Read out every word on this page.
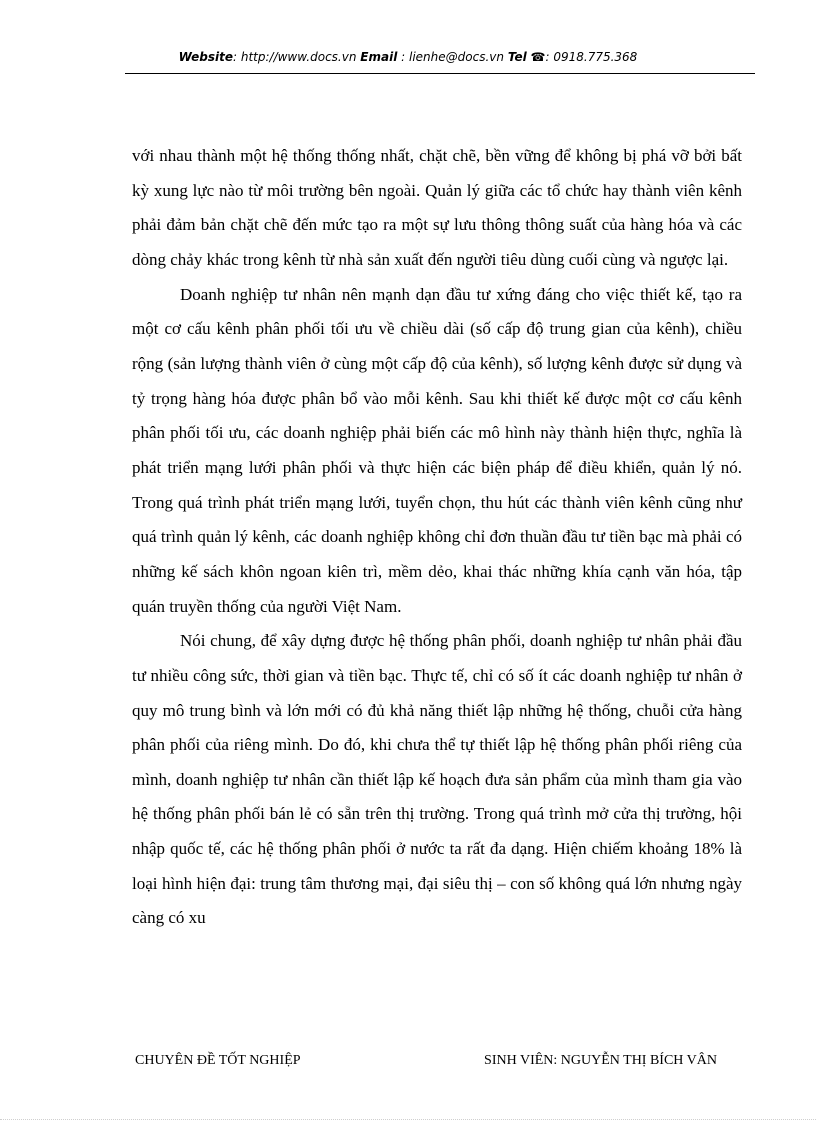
Website: http://www.docs.vn Email : lienhe@docs.vn Tel ☎: 0918.775.368

với nhau thành một hệ thống thống nhất, chặt chẽ, bền vững để không bị phá vỡ bởi bất kỳ xung lực nào từ môi trường bên ngoài. Quản lý giữa các tổ chức hay thành viên kênh phải đảm bản chặt chẽ đến mức tạo ra một sự lưu thông thông suất của hàng hóa và các dòng chảy khác trong kênh từ nhà sản xuất đến người tiêu dùng cuối cùng và ngược lại.

Doanh nghiệp tư nhân nên mạnh dạn đầu tư xứng đáng cho việc thiết kế, tạo ra một cơ cấu kênh phân phối tối ưu về chiều dài (số cấp độ trung gian của kênh), chiều rộng (sản lượng thành viên ở cùng một cấp độ của kênh), số lượng kênh được sử dụng và tỷ trọng hàng hóa được phân bổ vào mỗi kênh. Sau khi thiết kế được một cơ cấu kênh phân phối tối ưu, các doanh nghiệp phải biến các mô hình này thành hiện thực, nghĩa là phát triển mạng lưới phân phối và thực hiện các biện pháp để điều khiển, quản lý nó. Trong quá trình phát triển mạng lưới, tuyển chọn, thu hút các thành viên kênh cũng như quá trình quản lý kênh, các doanh nghiệp không chỉ đơn thuần đầu tư tiền bạc mà phải có những kế sách khôn ngoan kiên trì, mềm dẻo, khai thác những khía cạnh văn hóa, tập quán truyền thống của người Việt Nam.

Nói chung, để xây dựng được hệ thống phân phối, doanh nghiệp tư nhân phải đầu tư nhiều công sức, thời gian và tiền bạc. Thực tế, chỉ có số ít các doanh nghiệp tư nhân ở quy mô trung bình và lớn mới có đủ khả năng thiết lập những hệ thống, chuỗi cửa hàng phân phối của riêng mình. Do đó, khi chưa thể tự thiết lập hệ thống phân phối riêng của mình, doanh nghiệp tư nhân cần thiết lập kế hoạch đưa sản phẩm của mình tham gia vào hệ thống phân phối bán lẻ có sẵn trên thị trường. Trong quá trình mở cửa thị trường, hội nhập quốc tế, các hệ thống phân phối ở nước ta rất đa dạng. Hiện chiếm khoảng 18% là loại hình hiện đại: trung tâm thương mại, đại siêu thị – con số không quá lớn nhưng ngày càng có xu

CHUYÊN ĐỀ TỐT NGHIỆP	SINH VIÊN: NGUYỄN THỊ BÍCH VÂN
